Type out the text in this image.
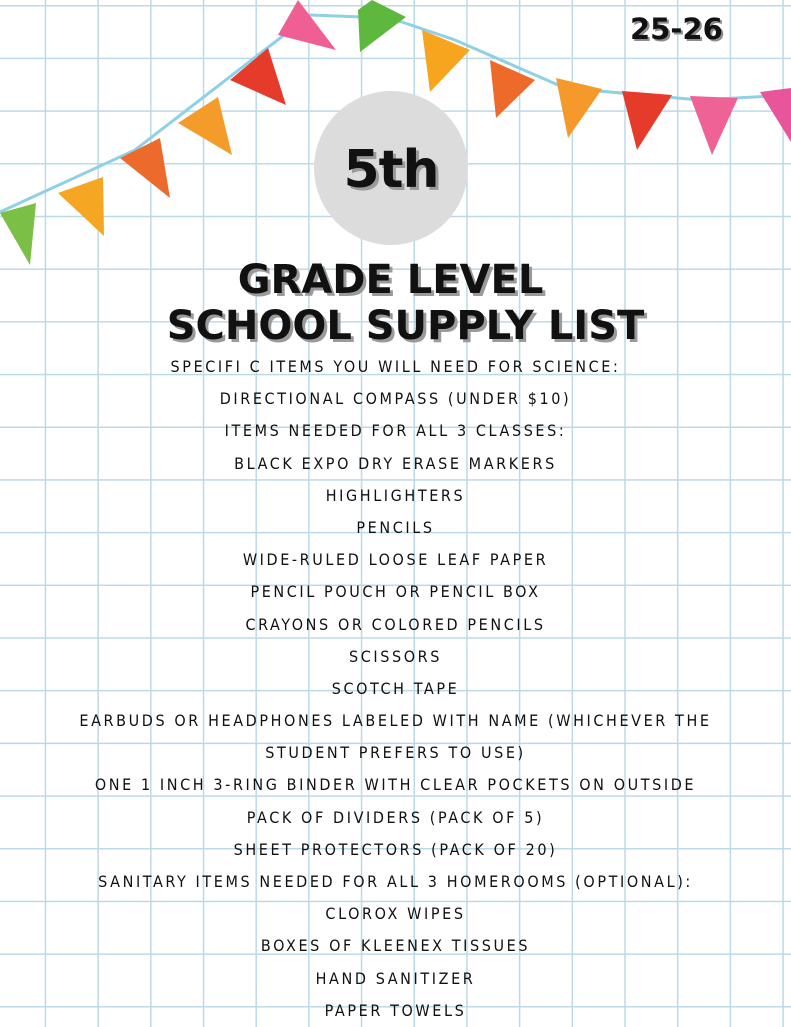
25-26
5th
GRADE LEVEL
SCHOOL SUPPLY LIST
SPECIFI C ITEMS YOU WILL NEED FOR SCIENCE:
DIRECTIONAL COMPASS (UNDER $10)
ITEMS NEEDED FOR ALL 3 CLASSES:
BLACK EXPO DRY ERASE MARKERS
HIGHLIGHTERS
PENCILS
WIDE-RULED LOOSE LEAF PAPER
PENCIL POUCH OR PENCIL BOX
CRAYONS OR COLORED PENCILS
SCISSORS
SCOTCH TAPE
EARBUDS OR HEADPHONES LABELED WITH NAME (WHICHEVER THE
STUDENT PREFERS TO USE)
ONE 1 INCH 3-RING BINDER WITH CLEAR POCKETS ON OUTSIDE
PACK OF DIVIDERS (PACK OF 5)
SHEET PROTECTORS (PACK OF 20)
SANITARY ITEMS NEEDED FOR ALL 3 HOMEROOMS (OPTIONAL):
CLOROX WIPES
BOXES OF KLEENEX TISSUES
HAND SANITIZER
PAPER TOWELS
